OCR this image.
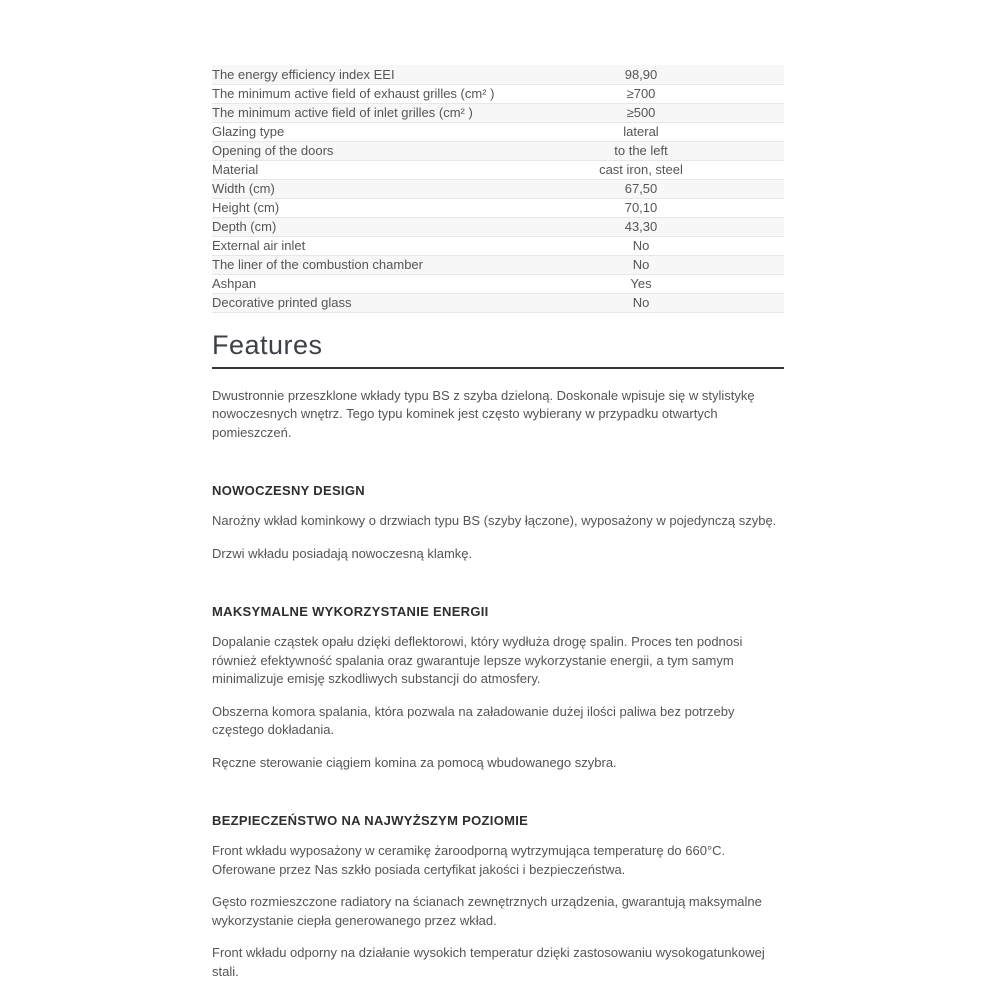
The energy efficiency index EEI	98,90
The minimum active field of exhaust grilles (cm² )	≥700
The minimum active field of inlet grilles (cm² )	≥500
Glazing type	lateral
Opening of the doors	to the left
Material	cast iron, steel
Width (cm)	67,50
Height (cm)	70,10
Depth (cm)	43,30
External air inlet	No
The liner of the combustion chamber	No
Ashpan	Yes
Decorative printed glass	No
Features

Dwustronnie przeszklone wkłady typu BS z szyba dzieloną. Doskonale wpisuje się w stylistykę nowoczesnych wnętrz. Tego typu kominek jest często wybierany w przypadku otwartych pomieszczeń.

NOWOCZESNY DESIGN

Narożny wkład kominkowy o drzwiach typu BS (szyby łączone), wyposażony w pojedynczą szybę.

Drzwi wkładu posiadają nowoczesną klamkę.

MAKSYMALNE WYKORZYSTANIE ENERGII

Dopalanie cząstek opału dzięki deflektorowi, który wydłuża drogę spalin. Proces ten podnosi również efektywność spalania oraz gwarantuje lepsze wykorzystanie energii, a tym samym minimalizuje emisję szkodliwych substancji do atmosfery.

Obszerna komora spalania, która pozwala na załadowanie dużej ilości paliwa bez potrzeby częstego dokładania.

Ręczne sterowanie ciągiem komina za pomocą wbudowanego szybra.

BEZPIECZEŃSTWO NA NAJWYŻSZYM POZIOMIE

Front wkładu wyposażony w ceramikę żaroodporną wytrzymująca temperaturę do 660°C. Oferowane przez Nas szkło posiada certyfikat jakości i bezpieczeństwa.

Gęsto rozmieszczone radiatory na ścianach zewnętrznych urządzenia, gwarantują maksymalne wykorzystanie ciepła generowanego przez wkład.

Front wkładu odporny na działanie wysokich temperatur dzięki zastosowaniu wysokogatunkowej stali.
